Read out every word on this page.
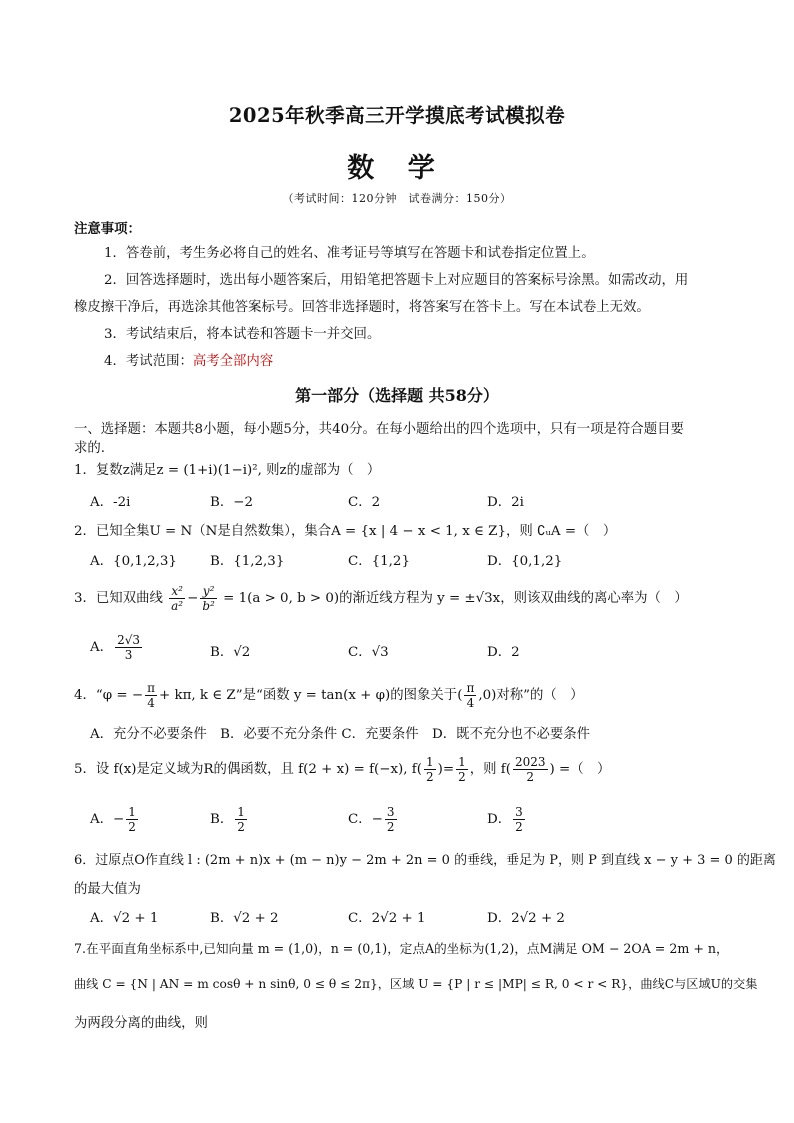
2025年秋季高三开学摸底考试模拟卷
数 学
（考试时间：120分钟　试卷满分：150分）
注意事项：
1．答卷前，考生务必将自己的姓名、准考证号等填写在答题卡和试卷指定位置上。
2．回答选择题时，选出每小题答案后，用铅笔把答题卡上对应题目的答案标号涂黑。如需改动，用
橡皮擦干净后，再选涂其他答案标号。回答非选择题时，将答案写在答卡上。写在本试卷上无效。
3．考试结束后，将本试卷和答题卡一并交回。
4．考试范围：高考全部内容
第一部分（选择题 共58分）
一、选择题：本题共8小题，每小题5分，共40分。在每小题给出的四个选项中，只有一项是符合题目要
求的.
1．复数z满足z = (1+i)(1−i)², 则z的虚部为（　）
A．-2i	B．−2	C．2	D．2i
2．已知全集U = N（N是自然数集），集合A = {x | 4 − x < 1, x ∈ Z}，则 ∁ᵤA =（　）
A．{0,1,2,3} B．{1,2,3}	C．{1,2}	D．{0,1,2}
3．已知双曲线 $\frac{\text{x²}}{\text{a²}} - \frac{\text{y²}}{\text{b²}} = 1(a > 0$, b > 0)的渐近线方程为 y = ±√3x，则该双曲线的离心率为（　）
A． $\frac{2√3}{3}$	B．√2	C．√3	D．2
4．“φ = − $\frac{\pi}{4} + k\pi$, k ∈ Z”是“函数 y = tan(x + φ)的图象关于( $\frac{\pi}{4} ,0$)对称”的（　）
A．充分不必要条件　B．必要不充分条件 C．充要条件　D．既不充分也不必要条件
5．设 f(x)是定义域为R的偶函数，且 f(2 + x) = f(−x), $f( \frac{1}{2}$ )= $\frac{1}{2}$ ，则 $f( \frac{2023}{2}$ ) =（　）
A．− $\frac{1}{2}$	B． $\frac{1}{2}$	C．− $\frac{3}{2}$	D． $\frac{3}{2}$
6．过原点O作直线 l : (2m + n)x + (m − n)y − 2m + 2n = 0 的垂线，垂足为 P，则 P 到直线 x − y + 3 = 0 的距离
的最大值为
A．√2 + 1	B．√2 + 2	C．2√2 + 1	D．2√2 + 2
7.在平面直角坐标系中,已知向量 m = (1,0)，n = (0,1)，定点A的坐标为(1,2)，点M满足 OM − 2OA = 2m + n，
曲线 C = {N | AN = m cosθ + n sinθ, 0 ≤ θ ≤ 2π}，区域 U = {P | r ≤ |MP| ≤ R, 0 < r < R}，曲线C与区域U的交集
为两段分离的曲线，则
